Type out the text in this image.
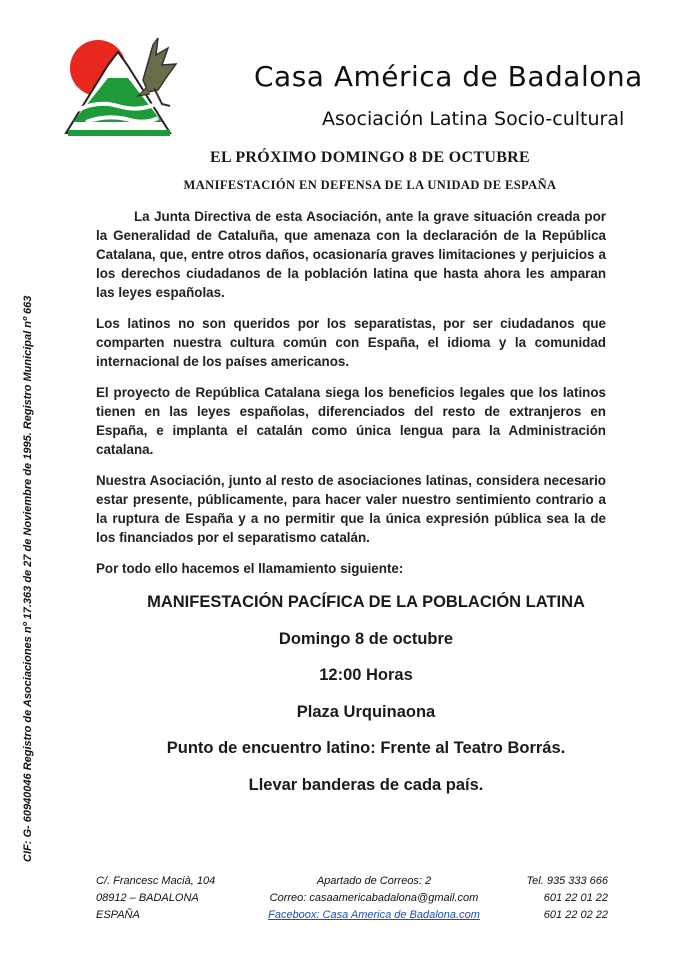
Casa América de Badalona
Asociación Latina Socio-cultural
EL PRÓXIMO DOMINGO 8 DE OCTUBRE
MANIFESTACIÓN EN DEFENSA DE LA UNIDAD DE ESPAÑA
CIF: G- 60940046 Registro de Asociaciones nº 17.363 de 27 de Noviembre de 1995. Registro Municipal nº 663

La Junta Directiva de esta Asociación, ante la grave situación creada por la Generalidad de Cataluña, que amenaza con la declaración de la República Catalana, que, entre otros daños, ocasionaría graves limitaciones y perjuicios a los derechos ciudadanos de la población latina que hasta ahora les amparan las leyes españolas.

Los latinos no son queridos por los separatistas, por ser ciudadanos que comparten nuestra cultura común con España, el idioma y la comunidad internacional de los países americanos.

El proyecto de República Catalana siega los beneficios legales que los latinos tienen en las leyes españolas, diferenciados del resto de extranjeros en España, e implanta el catalán como única lengua para la Administración catalana.

Nuestra Asociación, junto al resto de asociaciones latinas, considera necesario estar presente, públicamente, para hacer valer nuestro sentimiento contrario a la ruptura de España y a no permitir que la única expresión pública sea la de los financiados por el separatismo catalán.

Por todo ello hacemos el llamamiento siguiente:

MANIFESTACIÓN PACÍFICA DE LA POBLACIÓN LATINA
Domingo 8 de octubre
12:00 Horas
Plaza Urquinaona
Punto de encuentro latino: Frente al Teatro Borrás.
Llevar banderas de cada país.
C/. Francesc Macià, 104
08912 – BADALONA
ESPAÑA
Apartado de Correos: 2
Correo: casaamericabadalona@gmail.com
Faceboox: Casa America de Badalona.com
Tel. 935 333 666
601 22 01 22
601 22 02 22
